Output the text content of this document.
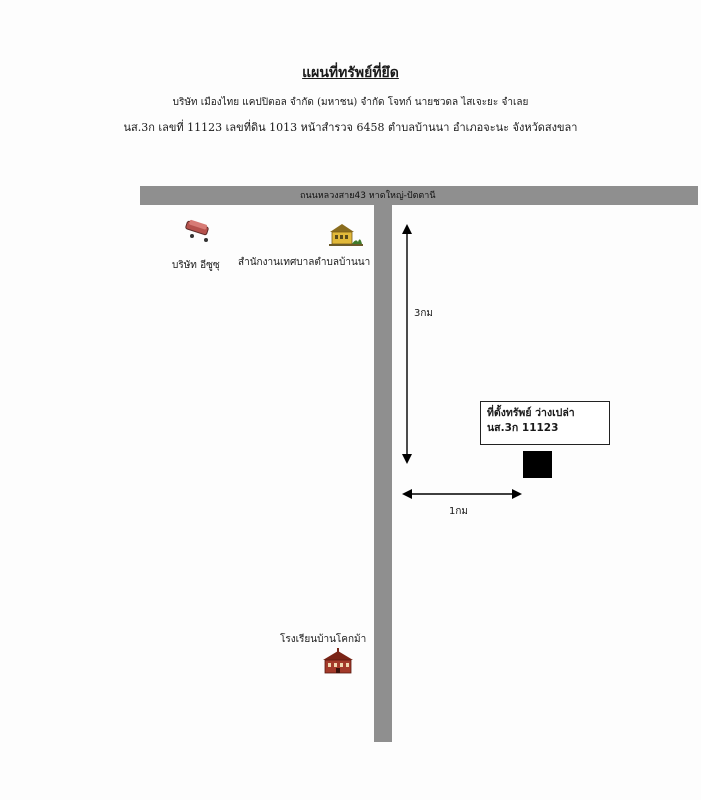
แผนที่ทรัพย์ที่ยึด
บริษัท เมืองไทย แคปปิตอล จำกัด (มหาชน) จำกัด โจทก์ นายชวดล ไสเจะยะ จำเลย
นส.3ก เลขที่ 11123 เลขที่ดิน 1013 หน้าสำรวจ 6458 ตำบลบ้านนา อำเภอจะนะ จังหวัดสงขลา
ถนนหลวงสาย43 หาดใหญ่-ปัตตานี
บริษัท อีซูซุ สำนักงานเทศบาลตำบลบ้านนา
โรงเรียนบ้านโคกม้า
3กม
1กม
ที่ตั้งทรัพย์ ว่างเปล่า
นส.3ก 11123
